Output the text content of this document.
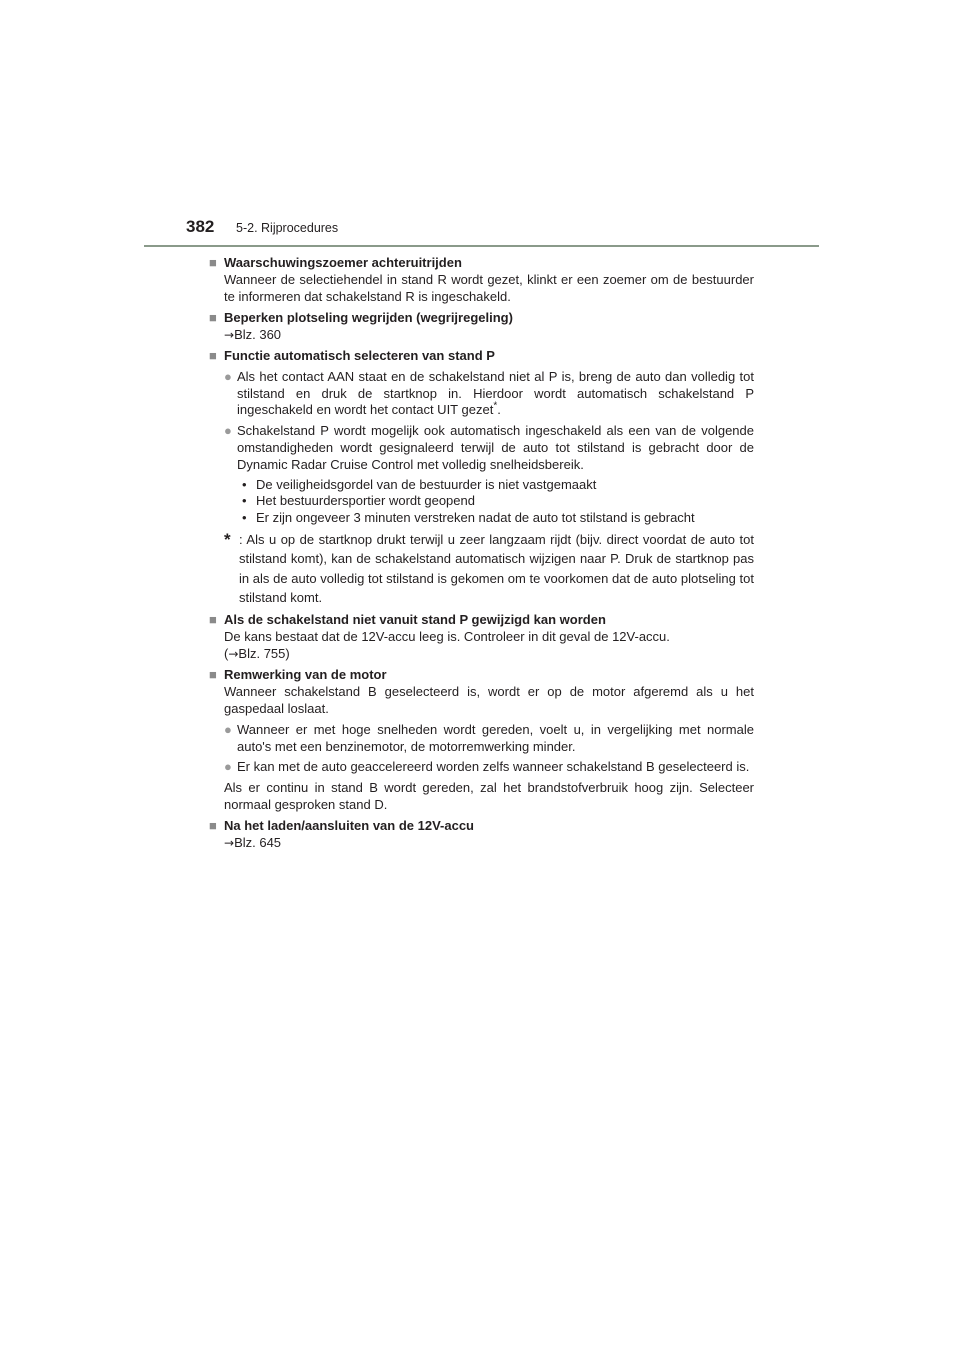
382 5-2. Rijprocedures
■ Waarschuwingszoemer achteruitrijden
Wanneer de selectiehendel in stand R wordt gezet, klinkt er een zoemer om de bestuurder te informeren dat schakelstand R is ingeschakeld.
■ Beperken plotseling wegrijden (wegrijregeling)
→Blz. 360
■ Functie automatisch selecteren van stand P
● Als het contact AAN staat en de schakelstand niet al P is, breng de auto dan volledig tot stilstand en druk de startknop in. Hierdoor wordt automatisch schakelstand P ingeschakeld en wordt het contact UIT gezet*.
● Schakelstand P wordt mogelijk ook automatisch ingeschakeld als een van de volgende omstandigheden wordt gesignaleerd terwijl de auto tot stilstand is gebracht door de Dynamic Radar Cruise Control met volledig snelheidsbereik.
• De veiligheidsgordel van de bestuurder is niet vastgemaakt
• Het bestuurdersportier wordt geopend
• Er zijn ongeveer 3 minuten verstreken nadat de auto tot stilstand is gebracht
* : Als u op de startknop drukt terwijl u zeer langzaam rijdt (bijv. direct voordat de auto tot stilstand komt), kan de schakelstand automatisch wijzigen naar P. Druk de startknop pas in als de auto volledig tot stilstand is gekomen om te voorkomen dat de auto plotseling tot stilstand komt.
■ Als de schakelstand niet vanuit stand P gewijzigd kan worden
De kans bestaat dat de 12V-accu leeg is. Controleer in dit geval de 12V-accu.
(→Blz. 755)
■ Remwerking van de motor
Wanneer schakelstand B geselecteerd is, wordt er op de motor afgeremd als u het gaspedaal loslaat.
● Wanneer er met hoge snelheden wordt gereden, voelt u, in vergelijking met normale auto's met een benzinemotor, de motorremwerking minder.
● Er kan met de auto geaccelereerd worden zelfs wanneer schakelstand B geselecteerd is.
Als er continu in stand B wordt gereden, zal het brandstofverbruik hoog zijn. Selecteer normaal gesproken stand D.
■ Na het laden/aansluiten van de 12V-accu
→Blz. 645
